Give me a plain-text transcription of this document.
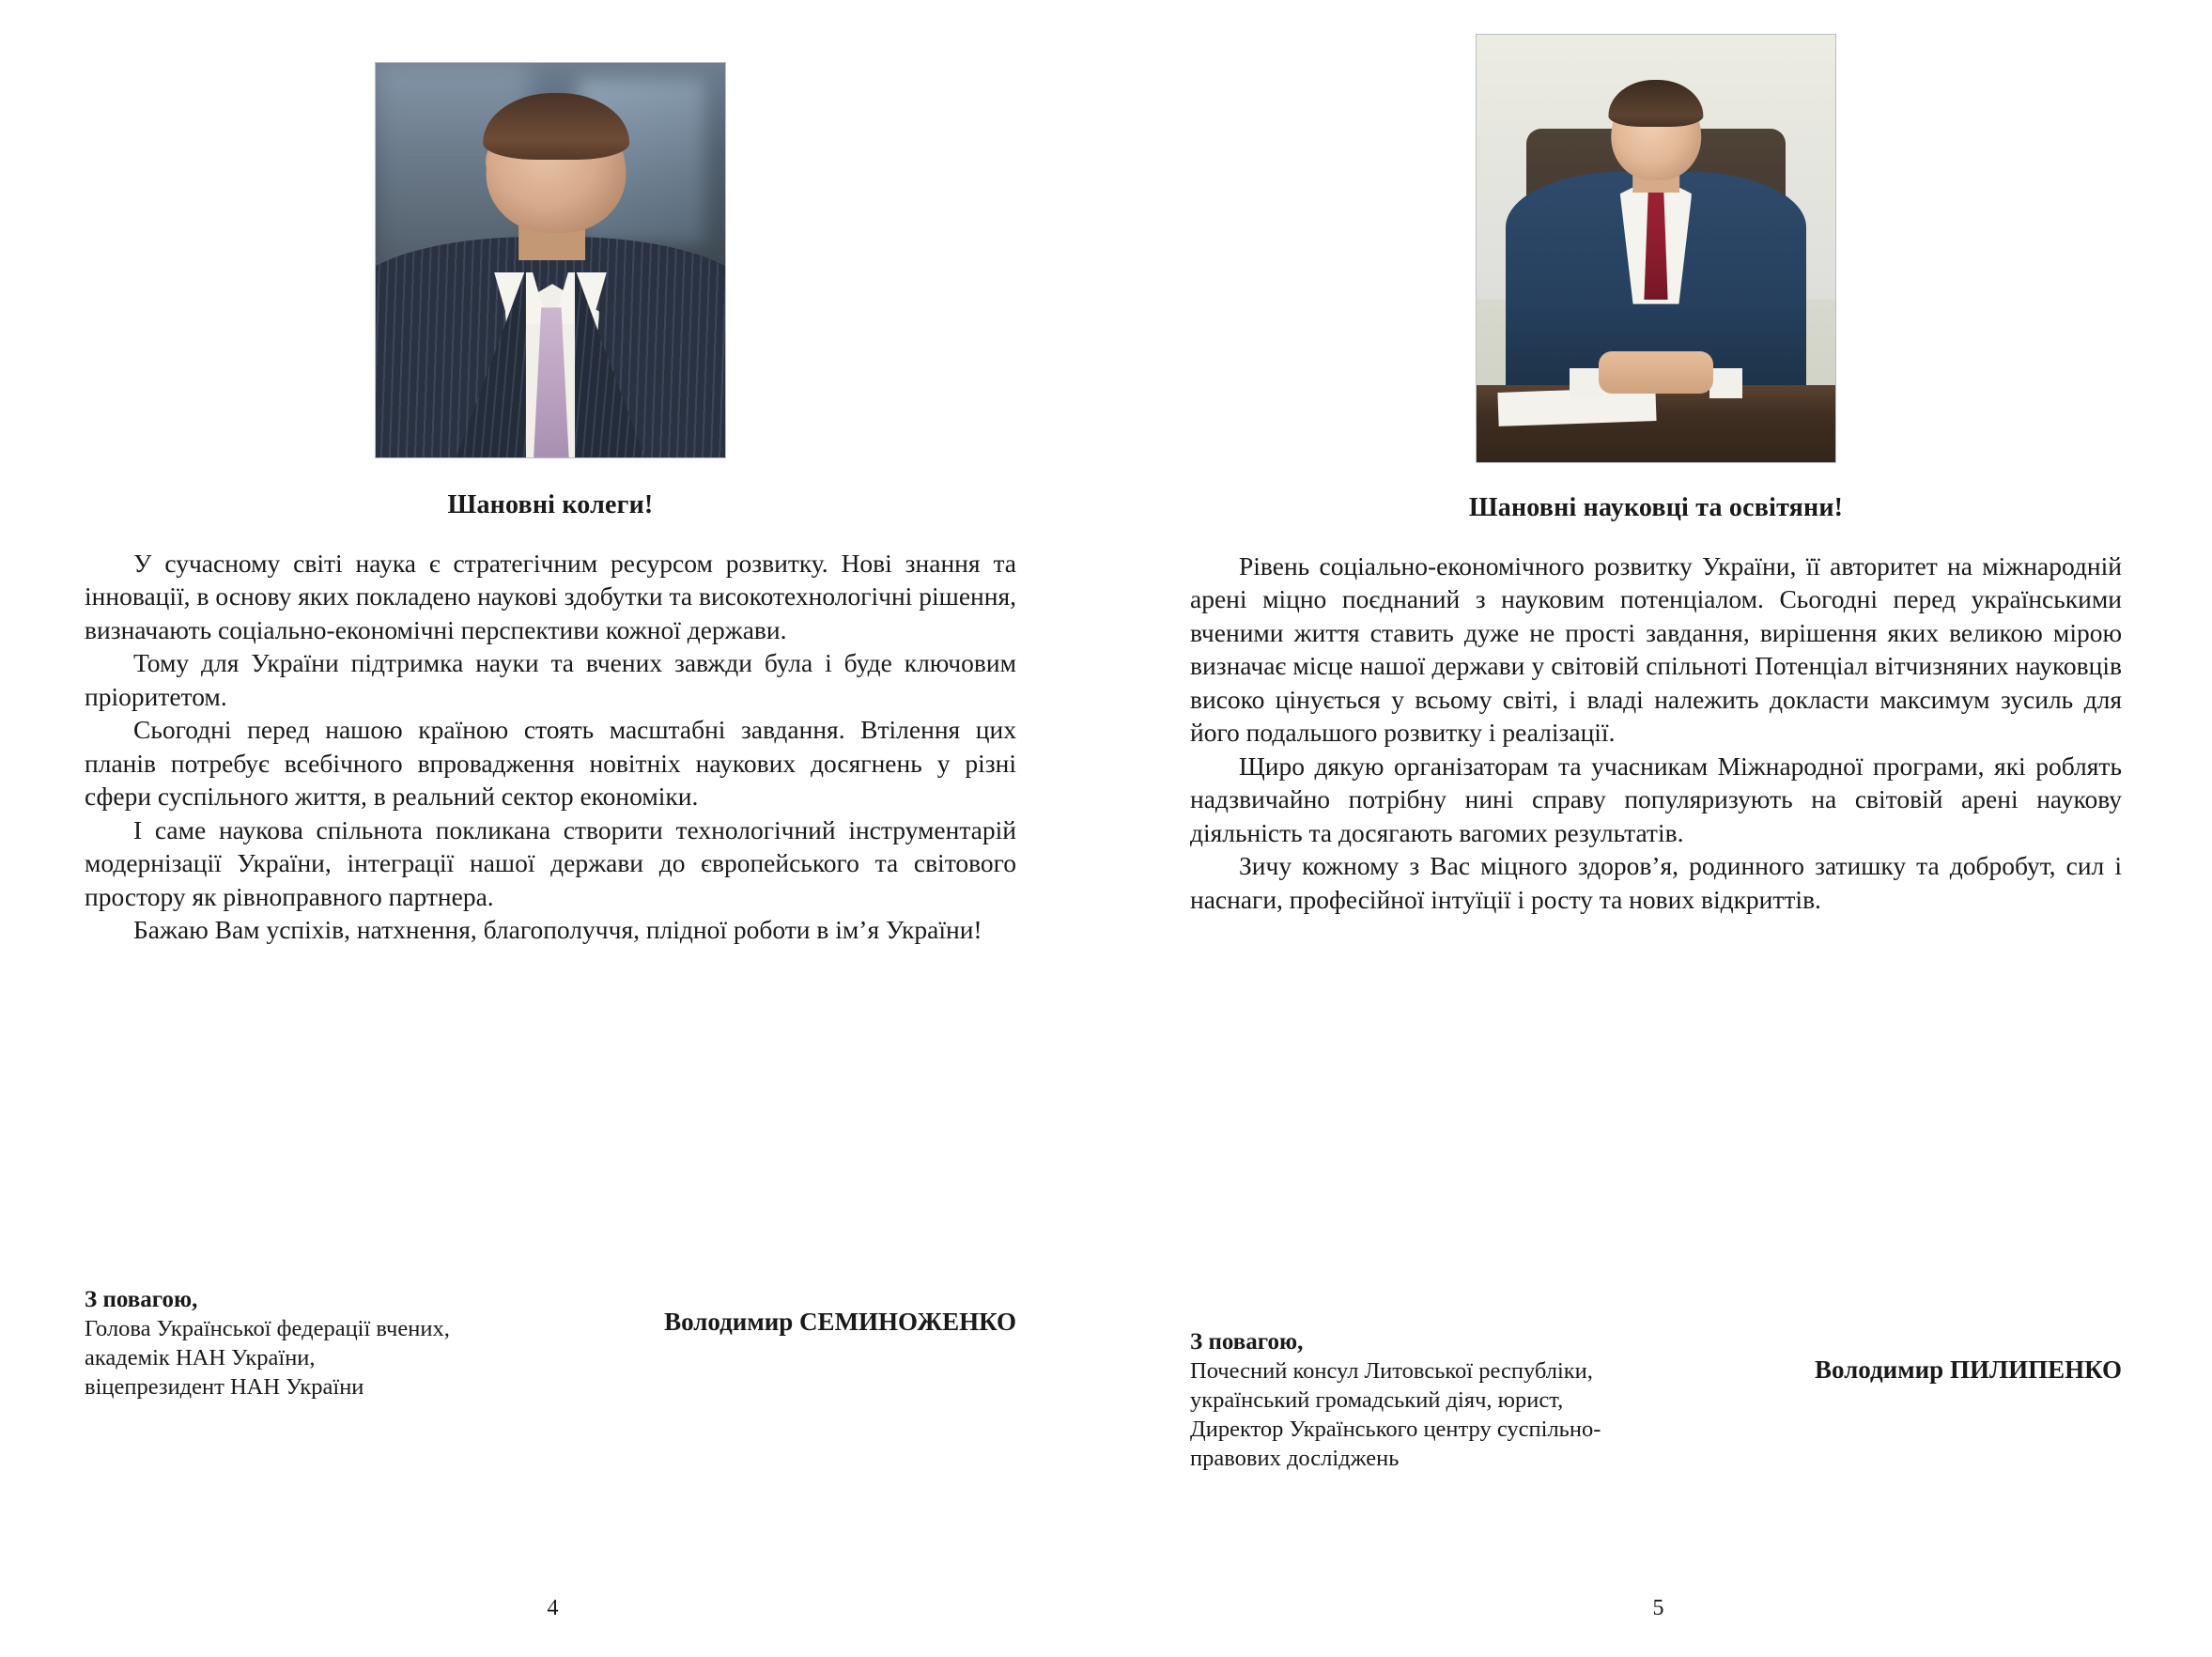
Шановні колеги!

У сучасному світі наука є стратегічним ресурсом розвитку. Нові знання та інновації, в основу яких покладено наукові здобутки та високотехнологічні рішення, визначають соціально-економічні перспективи кожної держави.

Тому для України підтримка науки та вчених завжди була і буде ключовим пріоритетом.

Сьогодні перед нашою країною стоять масштабні завдання. Втілення цих планів потребує всебічного впровадження новітніх наукових досягнень у різні сфери суспільного життя, в реальний сектор економіки.

І саме наукова спільнота покликана створити технологічний інструментарій модернізації України, інтеграції нашої держави до європейського та світового простору як рівноправного партнера.

Бажаю Вам успіхів, натхнення, благополуччя, плідної роботи в ім’я України!

З повагою,
Голова Української федерації вчених,
академік НАН України,
віцепрезидент НАН України
Володимир СЕМИНОЖЕНКО
4
Шановні науковці та освітяни!

Рівень соціально-економічного розвитку України, її авторитет на міжнародній арені міцно поєднаний з науковим потенціалом. Сьогодні перед українськими вченими життя ставить дуже не прості завдання, вирішення яких великою мірою визначає місце нашої держави у світовій спільноті Потенціал вітчизняних науковців високо цінується у всьому світі, і владі належить докласти максимум зусиль для його подальшого розвитку і реалізації.

Щиро дякую організаторам та учасникам Міжнародної програми, які роблять надзвичайно потрібну нині справу популяризують на світовій арені наукову діяльність та досягають вагомих результатів.

Зичу кожному з Вас міцного здоров’я, родинного затишку та добробут, сил і наснаги, професійної інтуїції і росту та нових відкриттів.

З повагою,
Почесний консул Литовської республіки,
український громадський діяч, юрист,
Директор Українського центру суспільно-
правових досліджень
Володимир ПИЛИПЕНКО
5
